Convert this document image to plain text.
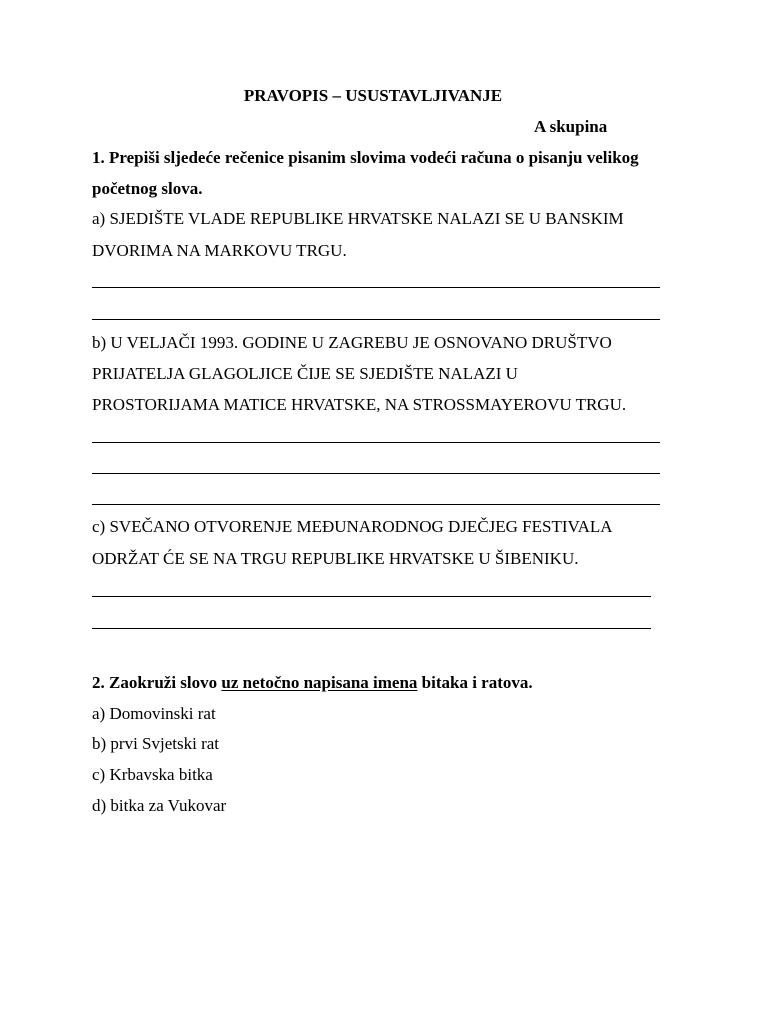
PRAVOPIS – USUSTAVLJIVANJE
A skupina
1. Prepiši sljedeće rečenice pisanim slovima vodeći računa o pisanju velikog
početnog slova.
a) SJEDIŠTE VLADE REPUBLIKE HRVATSKE NALAZI SE U BANSKIM
DVORIMA NA MARKOVU TRGU.
b) U VELJAČI 1993. GODINE U ZAGREBU JE OSNOVANO DRUŠTVO
PRIJATELJA GLAGOLJICE ČIJE SE SJEDIŠTE NALAZI U
PROSTORIJAMA MATICE HRVATSKE, NA STROSSMAYEROVU TRGU.
c) SVEČANO OTVORENJE MEĐUNARODNOG DJEČJEG FESTIVALA
ODRŽAT ĆE SE NA TRGU REPUBLIKE HRVATSKE U ŠIBENIKU.
2. Zaokruži slovo uz netočno napisana imena bitaka i ratova.
a) Domovinski rat
b) prvi Svjetski rat
c) Krbavska bitka
d) bitka za Vukovar
